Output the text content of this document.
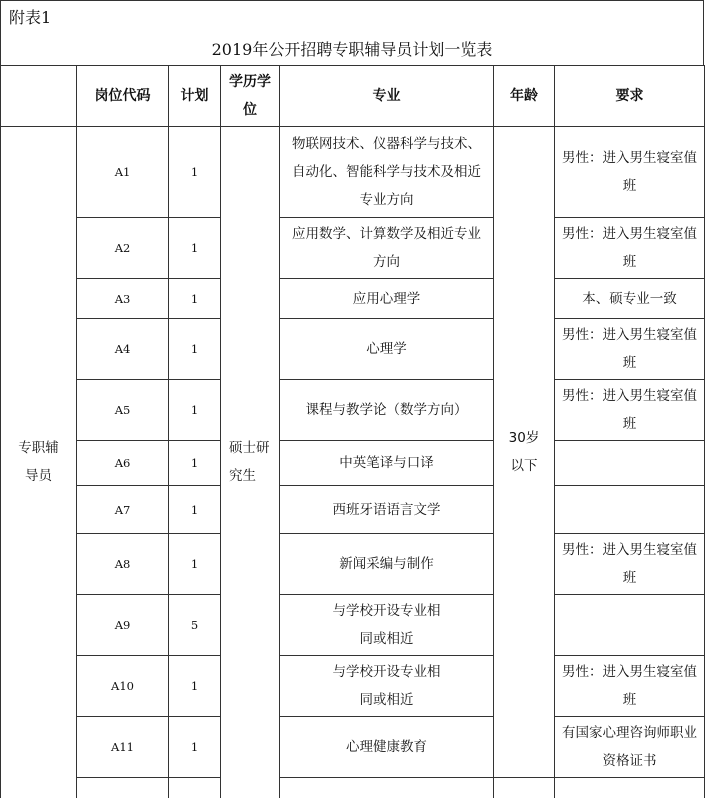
附表1
2019年公开招聘专职辅导员计划一览表
	岗位代码	计划	学历学位	专业	年龄	要求
专职辅导员	A1	1	硕士研究生	物联网技术、仪器科学与技术、自动化、智能科学与技术及相近专业方向	30岁以下	男性：进入男生寝室值班
	A2	1		应用数学、计算数学及相近专业方向		男性：进入男生寝室值班
	A3	1		应用心理学		本、硕专业一致
	A4	1		心理学		男性：进入男生寝室值班
	A5	1		课程与教学论（数学方向）		男性：进入男生寝室值班
	A6	1		中英笔译与口译		
	A7	1		西班牙语语言文学		
	A8	1		新闻采编与制作		男性：进入男生寝室值班
	A9	5		与学校开设专业相同或相近		
	A10	1		与学校开设专业相同或相近		男性：进入男生寝室值班
	A11	1		心理健康教育		有国家心理咨询师职业资格证书
